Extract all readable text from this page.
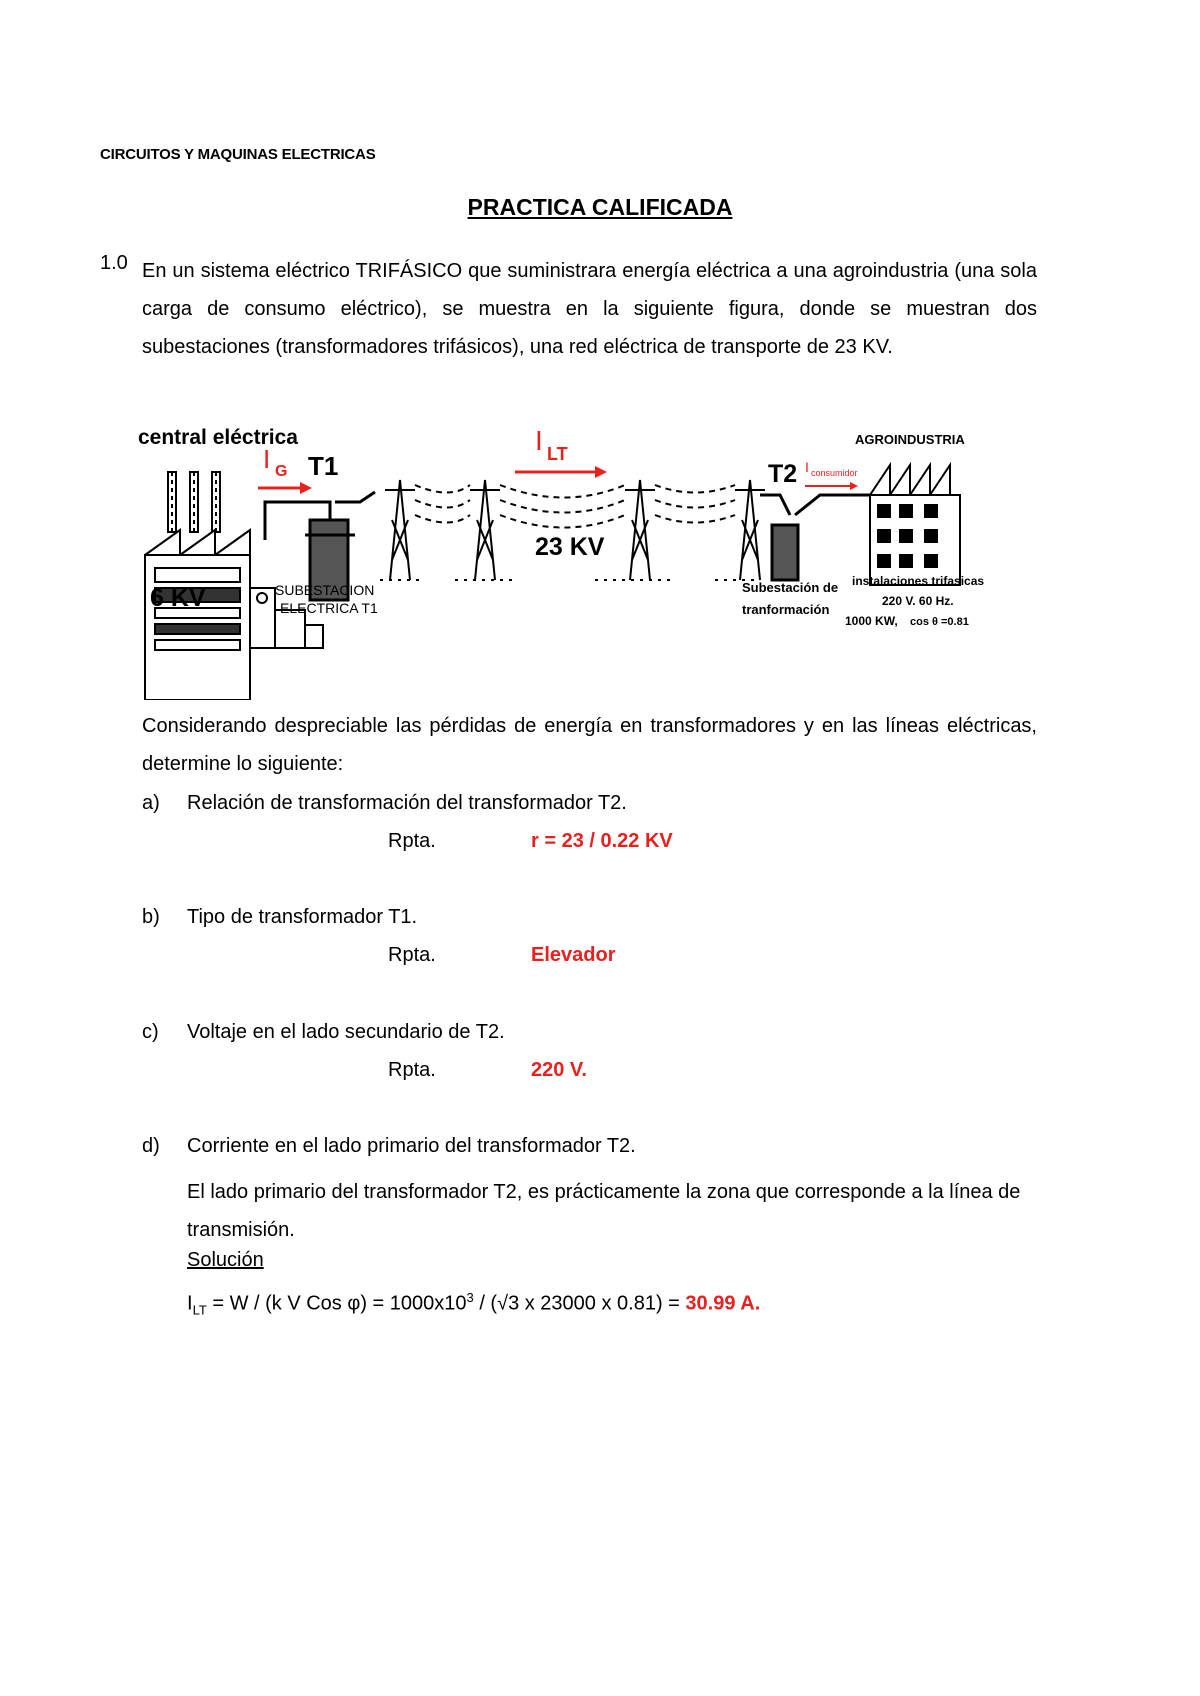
CIRCUITOS Y MAQUINAS ELECTRICAS
PRACTICA CALIFICADA
1.0 En un sistema eléctrico TRIFÁSICO que suministrara energía eléctrica a una agroindustria (una sola carga de consumo eléctrico), se muestra en la siguiente figura, donde se muestran dos subestaciones (transformadores trifásicos), una red eléctrica de transporte de 23 KV.
central eléctrica
I G T1
I LT
23 KV
T2 I consumidor
AGROINDUSTRIA
6 KV	SUBESTACION
ELECTRICA T1
Subestación de
tranformación
instalaciones trifasicas
220 V. 60 Hz.
1000 KW, cos θ =0.81
Considerando despreciable las pérdidas de energía en transformadores y en las líneas eléctricas, determine lo siguiente:
a) Relación de transformación del transformador T2.
Rpta.	r = 23 / 0.22 KV
b) Tipo de transformador T1.
Rpta.	Elevador
c) Voltaje en el lado secundario de T2.
Rpta.	220 V.
d) Corriente en el lado primario del transformador T2.
El lado primario del transformador T2, es prácticamente la zona que corresponde a la línea de transmisión.
Solución
$I_{LT} = W / (k$ V Cos $\varphi) = 1000x10^3 / (√3$ x 23000 x 0.81) = 30.99 A.
